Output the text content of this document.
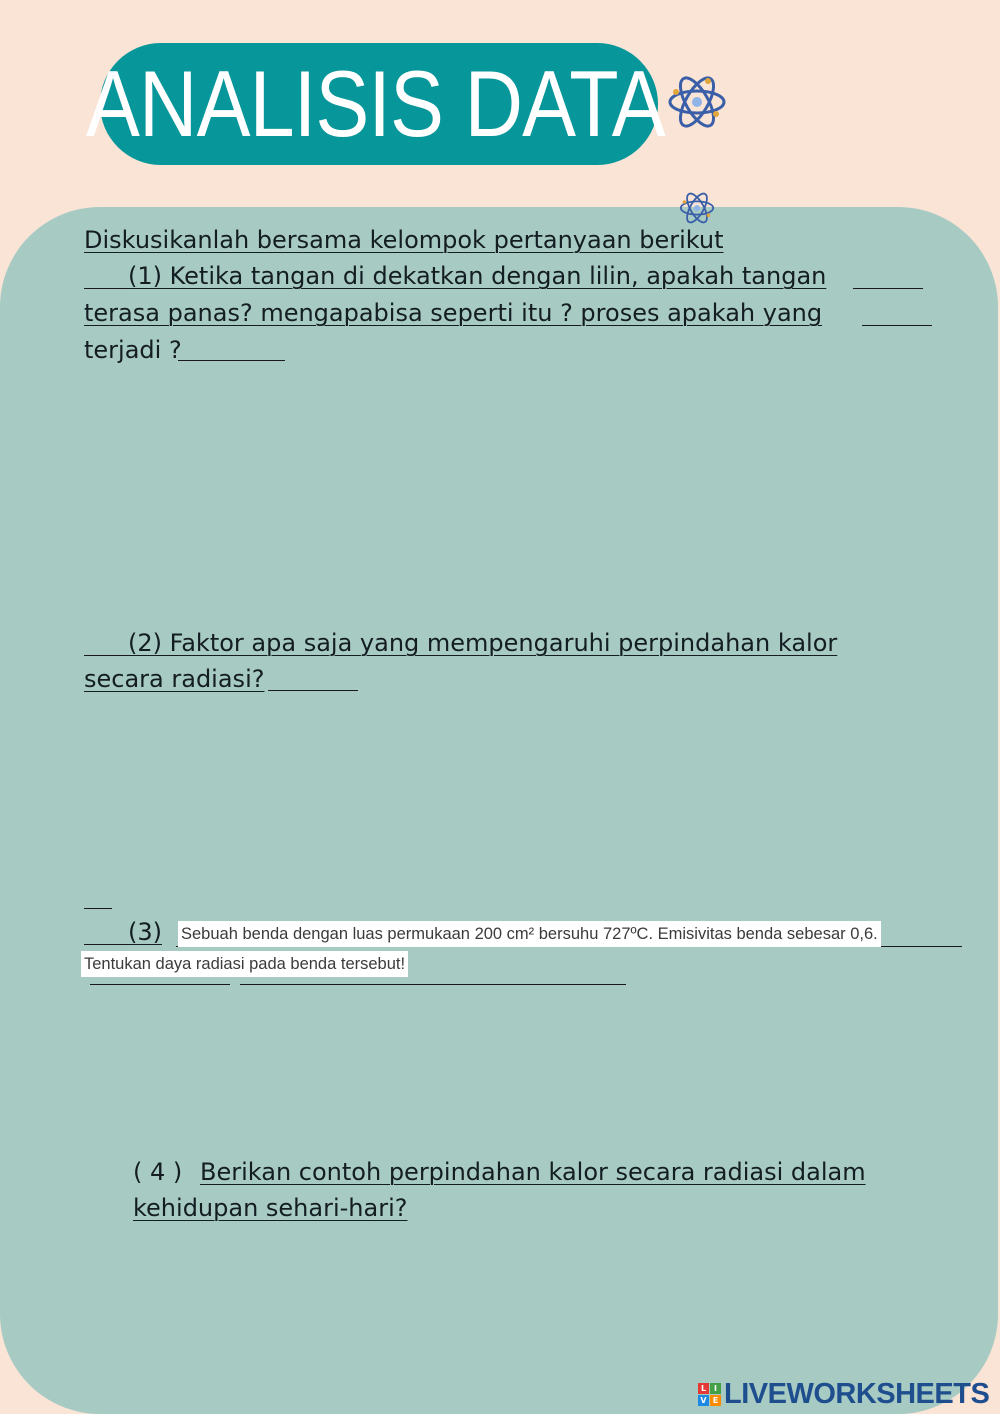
ANALISIS DATA
Diskusikanlah bersama kelompok pertanyaan berikut
(1) Ketika tangan di dekatkan dengan lilin, apakah tangan
terasa panas? mengapabisa seperti itu ? proses apakah yang
terjadi ?
(2) Faktor apa saja yang mempengaruhi perpindahan kalor
secara radiasi?
(3) Sebuah benda dengan luas permukaan 200 cm² bersuhu 727ºC. Emisivitas benda sebesar 0,6.
Tentukan daya radiasi pada benda tersebut!
( 4 ) Berikan contoh perpindahan kalor secara radiasi dalam
kehidupan sehari-hari?
L I
V E LIVEWORKSHEETS
